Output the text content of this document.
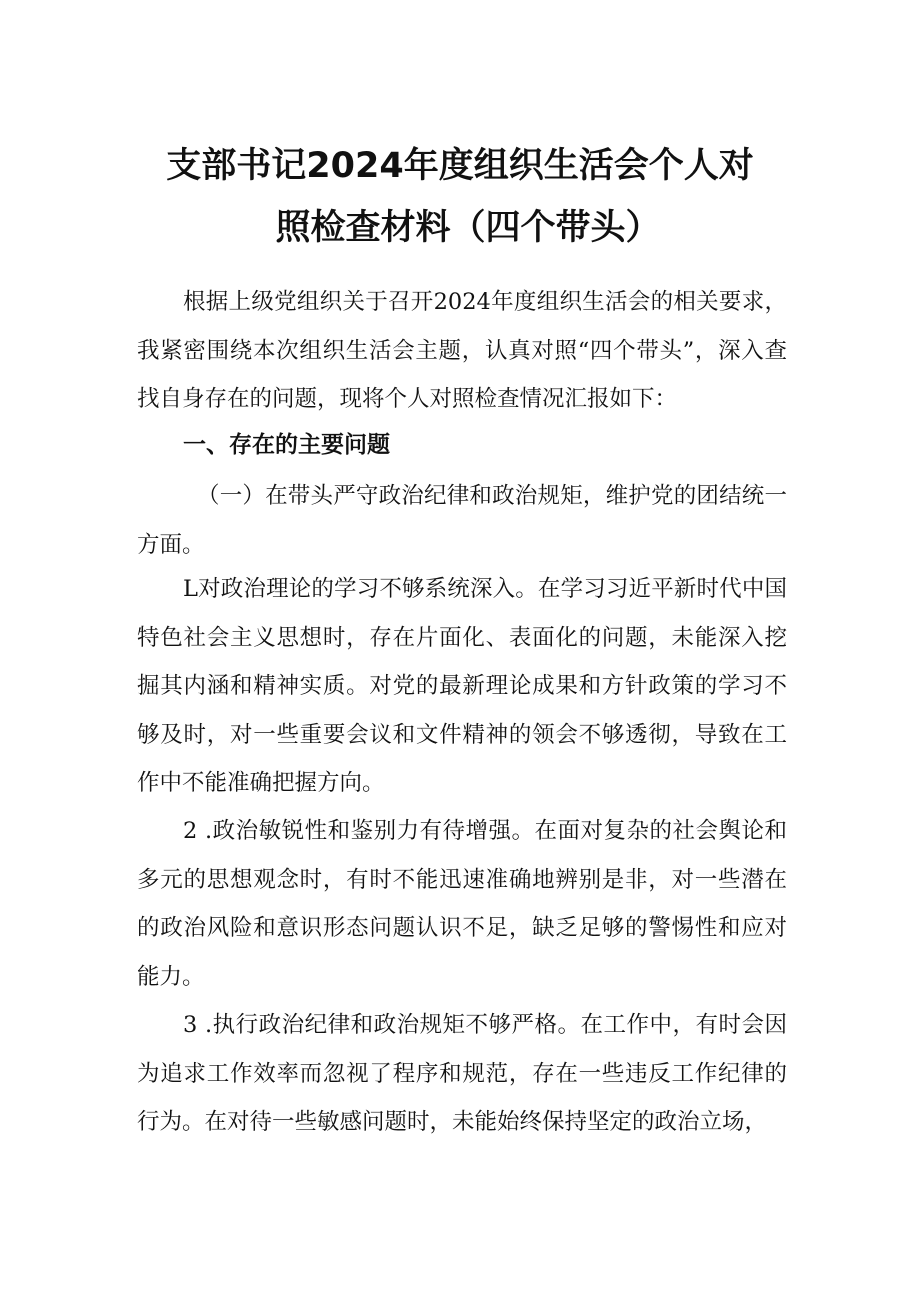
支部书记2024年度组织生活会个人对
照检查材料（四个带头）

根据上级党组织关于召开2024年度组织生活会的相关要求，我紧密围绕本次组织生活会主题，认真对照“四个带头”，深入查找自身存在的问题，现将个人对照检查情况汇报如下：

一、存在的主要问题

（一）在带头严守政治纪律和政治规矩，维护党的团结统一方面。

L对政治理论的学习不够系统深入。在学习习近平新时代中国特色社会主义思想时，存在片面化、表面化的问题，未能深入挖掘其内涵和精神实质。对党的最新理论成果和方针政策的学习不够及时，对一些重要会议和文件精神的领会不够透彻，导致在工作中不能准确把握方向。

2 .政治敏锐性和鉴别力有待增强。在面对复杂的社会舆论和多元的思想观念时，有时不能迅速准确地辨别是非，对一些潜在的政治风险和意识形态问题认识不足，缺乏足够的警惕性和应对能力。

3 .执行政治纪律和政治规矩不够严格。在工作中，有时会因为追求工作效率而忽视了程序和规范，存在一些违反工作纪律的行为。在对待一些敏感问题时，未能始终保持坚定的政治立场，
